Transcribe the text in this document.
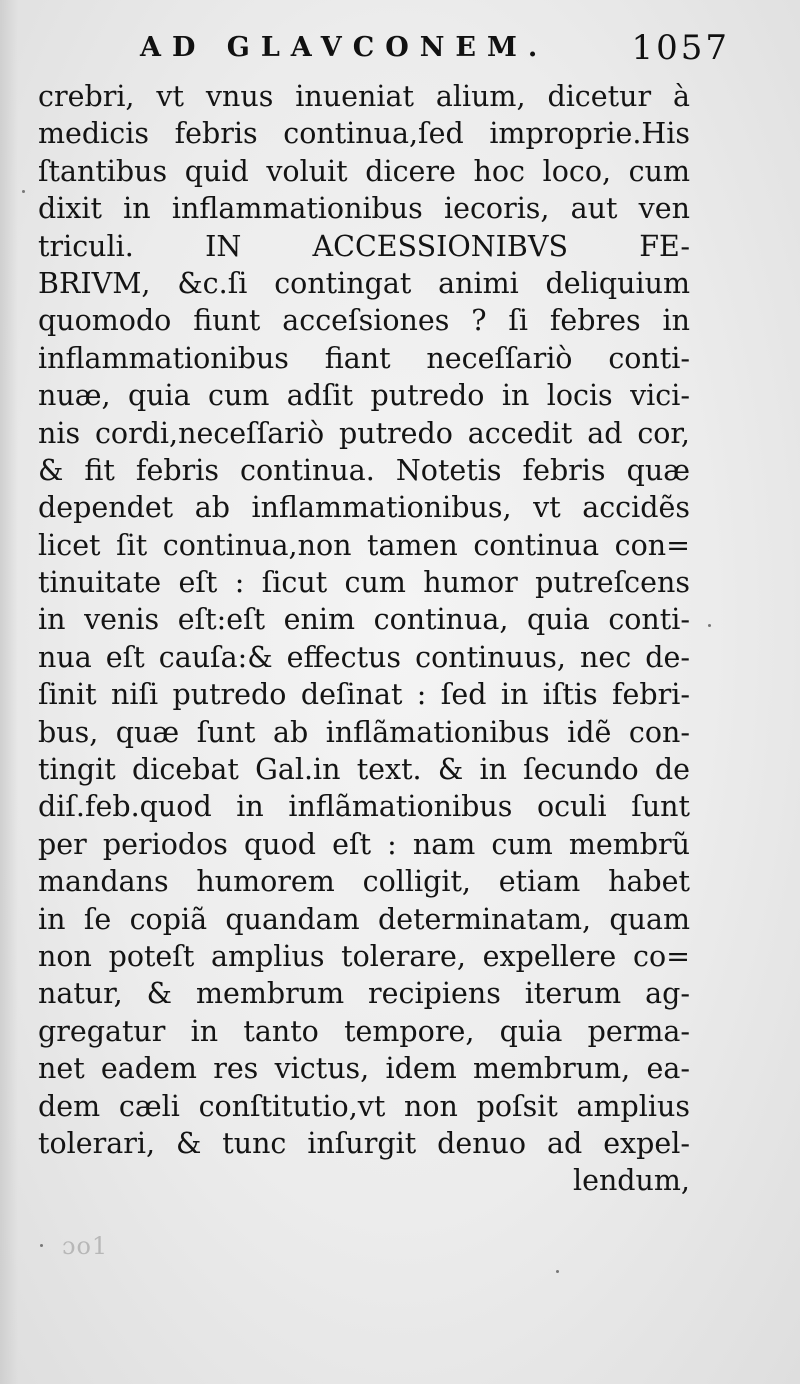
AD GLAVCONEM. 1057
crebri, vt vnus inueniat alium, dicetur à
medicis febris continua,ſed improprie.His
ſtantibus quid voluit dicere hoc loco, cum
dixit in inflammationibus iecoris, aut ven
triculi. IN ACCESSIONIBVS FE-
BRIVM, &c.ſi contingat animi deliquium
quomodo fiunt acceſsiones ? ſi febres in
inflammationibus fiant neceſſariò conti-
nuæ, quia cum adſit putredo in locis vici-
nis cordi,neceſſariò putredo accedit ad cor,
& fit febris continua. Notetis febris quæ
dependet ab inflammationibus, vt accidẽs
licet ſit continua,non tamen continua con=
tinuitate eſt : ſicut cum humor putreſcens
in venis eſt:eſt enim continua, quia conti-
nua eſt cauſa:& effectus continuus, nec de-
ſinit niſi putredo deſinat : ſed in iſtis febri-
bus, quæ ſunt ab inflãmationibus idẽ con-
tingit dicebat Gal.in text. & in ſecundo de
diſ.feb.quod in inflãmationibus oculi ſunt
per periodos quod eſt : nam cum membrũ
mandans humorem colligit, etiam habet
in ſe copiã quandam determinatam, quam
non poteſt amplius tolerare, expellere co=
natur, & membrum recipiens iterum ag-
gregatur in tanto tempore, quia perma-
net eadem res victus, idem membrum, ea-
dem cæli conſtitutio,vt non poſsit amplius
tolerari, & tunc inſurgit denuo ad expel-
lendum,
ɔo1
